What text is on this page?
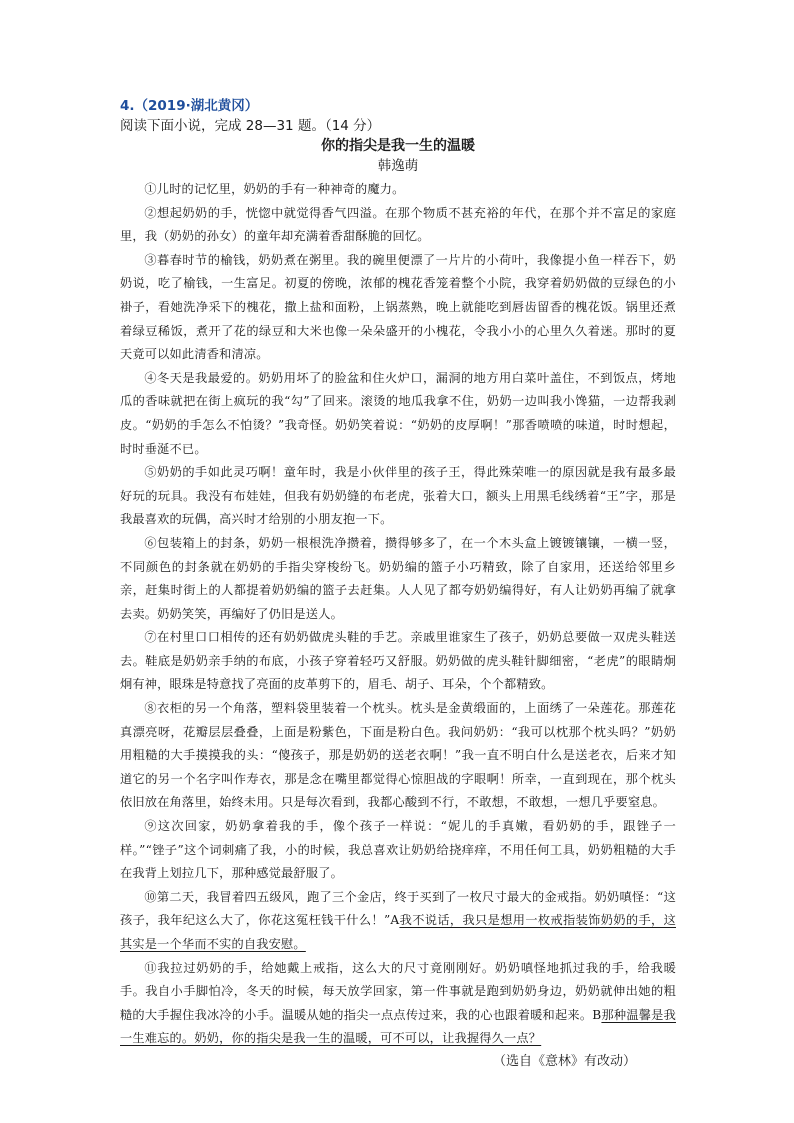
4.（2019·湖北黄冈）

阅读下面小说，完成 28—31 题。（14 分）

你的指尖是我一生的温暖

韩逸萌

①儿时的记忆里，奶奶的手有一种神奇的魔力。

②想起奶奶的手，恍惚中就觉得香气四溢。在那个物质不甚充裕的年代，在那个并不富足的家庭里，我（奶奶的孙女）的童年却充满着香甜酥脆的回忆。

③暮春时节的榆钱，奶奶煮在粥里。我的碗里便漂了一片片的小荷叶，我像提小鱼一样吞下，奶奶说，吃了榆钱，一生富足。初夏的傍晚，浓郁的槐花香笼着整个小院，我穿着奶奶做的豆绿色的小褂子，看她洗净采下的槐花，撒上盐和面粉，上锅蒸熟，晚上就能吃到唇齿留香的槐花饭。锅里还煮着绿豆稀饭，煮开了花的绿豆和大米也像一朵朵盛开的小槐花，令我小小的心里久久着迷。那时的夏天竟可以如此清香和清凉。

④冬天是我最爱的。奶奶用坏了的脸盆和住火炉口，漏洞的地方用白菜叶盖住，不到饭点，烤地瓜的香味就把在街上疯玩的我“勾”了回来。滚烫的地瓜我拿不住，奶奶一边叫我小馋猫，一边帮我剥皮。“奶奶的手怎么不怕烫？”我奇怪。奶奶笑着说：“奶奶的皮厚啊！”那香喷喷的味道，时时想起，时时垂涎不已。

⑤奶奶的手如此灵巧啊！童年时，我是小伙伴里的孩子王，得此殊荣唯一的原因就是我有最多最好玩的玩具。我没有布娃娃，但我有奶奶缝的布老虎，张着大口，额头上用黑毛线绣着“王”字，那是我最喜欢的玩偶，高兴时才给别的小朋友抱一下。

⑥包装箱上的封条，奶奶一根根洗净攒着，攒得够多了，在一个木头盒上镀镀镶镶，一横一竖，不同颜色的封条就在奶奶的手指尖穿梭纷飞。奶奶编的篮子小巧精致，除了自家用，还送给邻里乡亲，赶集时街上的人都提着奶奶编的篮子去赶集。人人见了都夸奶奶编得好，有人让奶奶再编了就拿去卖。奶奶笑笑，再编好了仍旧是送人。

⑦在村里口口相传的还有奶奶做虎头鞋的手艺。亲戚里谁家生了孩子，奶奶总要做一双虎头鞋送去。鞋底是奶奶亲手纳的布底，小孩子穿着轻巧又舒服。奶奶做的虎头鞋针脚细密，“老虎”的眼睛炯炯有神，眼珠是特意找了亮面的皮革剪下的，眉毛、胡子、耳朵，个个都精致。

⑧衣柜的另一个角落，塑料袋里装着一个枕头。枕头是金黄缎面的，上面绣了一朵莲花。那莲花真漂亮呀，花瓣层层叠叠，上面是粉紫色，下面是粉白色。我问奶奶：“我可以枕那个枕头吗？”奶奶用粗糙的大手摸摸我的头：“傻孩子，那是奶奶的送老衣啊！”我一直不明白什么是送老衣，后来才知道它的另一个名字叫作寿衣，那是念在嘴里都觉得心惊胆战的字眼啊！所幸，一直到现在，那个枕头依旧放在角落里，始终未用。只是每次看到，我都心酸到不行，不敢想，不敢想，一想几乎要窒息。

⑨这次回家，奶奶拿着我的手，像个孩子一样说：“妮儿的手真嫩，看奶奶的手，跟锉子一样。”“锉子”这个词刺痛了我，小的时候，我总喜欢让奶奶给挠痒痒，不用任何工具，奶奶粗糙的大手在我背上划拉几下，那种感觉最舒服了。

⑩第二天，我冒着四五级风，跑了三个金店，终于买到了一枚尺寸最大的金戒指。奶奶嗔怪：“这孩子，我年纪这么大了，你花这冤枉钱干什么！”A我不说话，我只是想用一枚戒指装饰奶奶的手，这其实是一个华而不实的自我安慰。

⑪我拉过奶奶的手，给她戴上戒指，这么大的尺寸竟刚刚好。奶奶嗔怪地抓过我的手，给我暖手。我自小手脚怕冷，冬天的时候，每天放学回家，第一件事就是跑到奶奶身边，奶奶就伸出她的粗糙的大手握住我冰冷的小手。温暖从她的指尖一点点传过来，我的心也跟着暖和起来。B那种温馨是我一生难忘的。奶奶，你的指尖是我一生的温暖，可不可以，让我握得久一点？

（选自《意林》有改动）
